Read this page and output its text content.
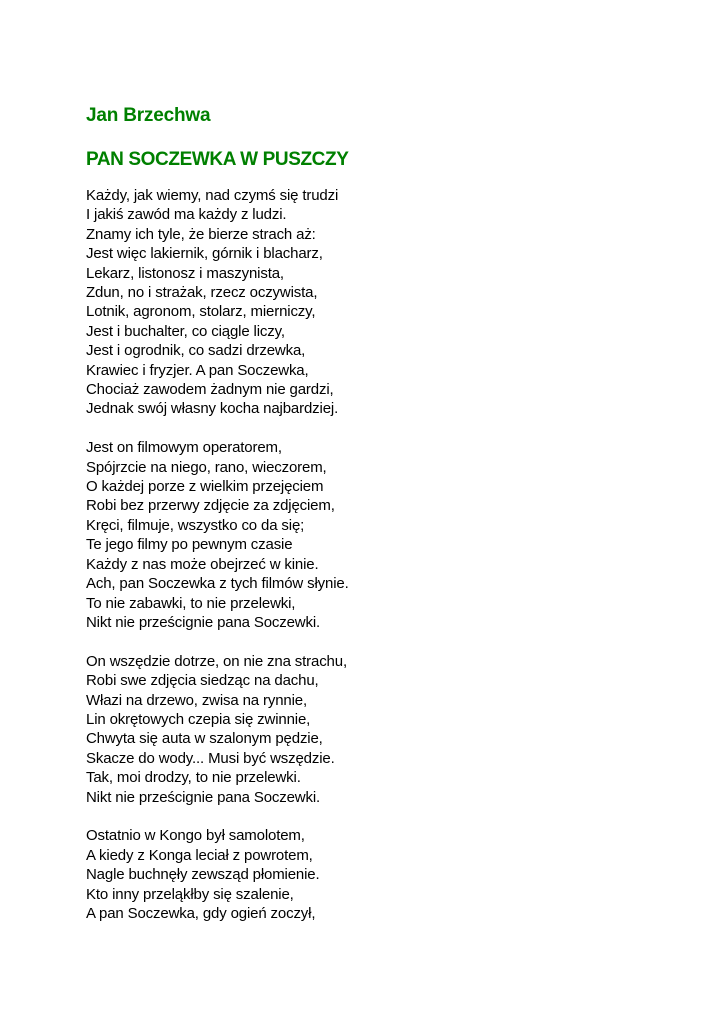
Jan Brzechwa
PAN SOCZEWKA W PUSZCZY
Każdy, jak wiemy, nad czymś się trudzi
I jakiś zawód ma każdy z ludzi.
Znamy ich tyle, że bierze strach aż:
Jest więc lakiernik, górnik i blacharz,
Lekarz, listonosz i maszynista,
Zdun, no i strażak, rzecz oczywista,
Lotnik, agronom, stolarz, mierniczy,
Jest i buchalter, co ciągle liczy,
Jest i ogrodnik, co sadzi drzewka,
Krawiec i fryzjer. A pan Soczewka,
Chociaż zawodem żadnym nie gardzi,
Jednak swój własny kocha najbardziej.
Jest on filmowym operatorem,
Spójrzcie na niego, rano, wieczorem,
O każdej porze z wielkim przejęciem
Robi bez przerwy zdjęcie za zdjęciem,
Kręci, filmuje, wszystko co da się;
Te jego filmy po pewnym czasie
Każdy z nas może obejrzeć w kinie.
Ach, pan Soczewka z tych filmów słynie.
To nie zabawki, to nie przelewki,
Nikt nie prześcignie pana Soczewki.
On wszędzie dotrze, on nie zna strachu,
Robi swe zdjęcia siedząc na dachu,
Włazi na drzewo, zwisa na rynnie,
Lin okrętowych czepia się zwinnie,
Chwyta się auta w szalonym pędzie,
Skacze do wody... Musi być wszędzie.
Tak, moi drodzy, to nie przelewki.
Nikt nie prześcignie pana Soczewki.
Ostatnio w Kongo był samolotem,
A kiedy z Konga leciał z powrotem,
Nagle buchnęły zewsząd płomienie.
Kto inny przeląkłby się szalenie,
A pan Soczewka, gdy ogień zoczył,
